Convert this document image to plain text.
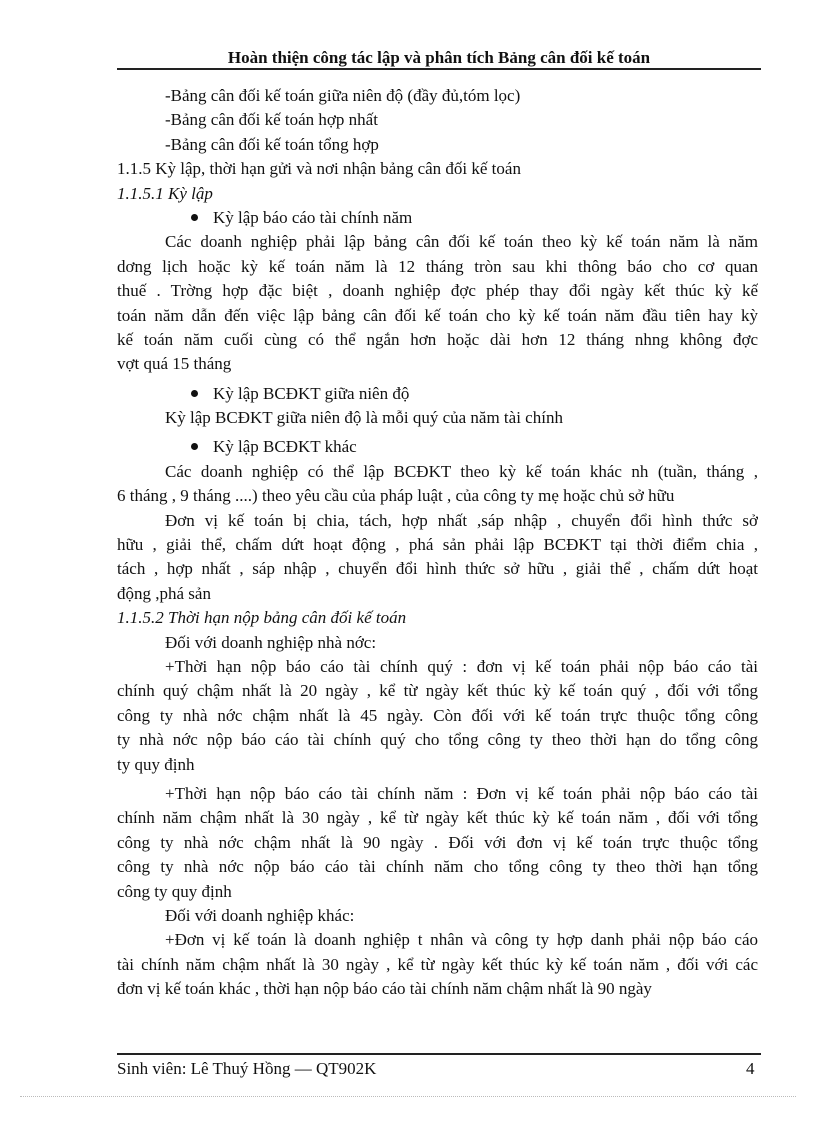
Hoàn thiện công tác lập và phân tích Bảng cân đối kế toán
-Bảng cân đối kế toán giữa niên độ (đầy đủ,tóm lọc)
-Bảng cân đối kế toán hợp nhất
-Bảng cân đối kế toán tổng hợp
1.1.5 Kỳ lập, thời hạn gửi và nơi nhận bảng cân đối kế toán
1.1.5.1 Kỳ lập
Kỳ lập báo cáo tài chính năm
Các doanh nghiệp phải lập bảng cân đối kế toán theo kỳ kế toán năm là năm
dơng lịch hoặc kỳ kế toán năm là 12 tháng tròn sau khi thông báo cho cơ quan
thuế . Trờng hợp đặc biệt , doanh nghiệp đợc phép thay đổi ngày kết thúc kỳ kế
toán năm dẫn đến việc lập bảng cân đối kế toán cho kỳ kế toán năm đầu tiên hay kỳ
kế toán năm cuối cùng có thể ngắn hơn hoặc dài hơn 12 tháng nhng không đợc
vợt quá 15 tháng
Kỳ lập BCĐKT giữa niên độ
Kỳ lập BCĐKT giữa niên độ là mỗi quý của năm tài chính
Kỳ lập BCĐKT khác
Các doanh nghiệp có thể lập BCĐKT theo kỳ kế toán khác nh (tuần, tháng ,
6 tháng , 9 tháng ....) theo yêu cầu của pháp luật , của công ty mẹ hoặc chủ sở hữu
Đơn vị kế toán bị chia, tách, hợp nhất ,sáp nhập , chuyển đổi hình thức sở
hữu , giải thể, chấm dứt hoạt động , phá sản phải lập BCĐKT tại thời điểm chia ,
tách , hợp nhất , sáp nhập , chuyển đổi hình thức sở hữu , giải thể , chấm dứt hoạt
động ,phá sản
1.1.5.2 Thời hạn nộp bảng cân đối kế toán
Đối với doanh nghiệp nhà nớc:
+Thời hạn nộp báo cáo tài chính quý : đơn vị kế toán phải nộp báo cáo tài
chính quý chậm nhất là 20 ngày , kể từ ngày kết thúc kỳ kế toán quý , đối với tổng
công ty nhà nớc chậm nhất là 45 ngày. Còn đối với kế toán trực thuộc tổng công
ty nhà nớc nộp báo cáo tài chính quý cho tổng công ty theo thời hạn do tổng công
ty quy định
+Thời hạn nộp báo cáo tài chính năm : Đơn vị kế toán phải nộp báo cáo tài
chính năm chậm nhất là 30 ngày , kể từ ngày kết thúc kỳ kế toán năm , đối với tổng
công ty nhà nớc chậm nhất là 90 ngày . Đối với đơn vị kế toán trực thuộc tổng
công ty nhà nớc nộp báo cáo tài chính năm cho tổng công ty theo thời hạn tổng
công ty quy định
Đối với doanh nghiệp khác:
+Đơn vị kế toán là doanh nghiệp t nhân và công ty hợp danh phải nộp báo cáo
tài chính năm chậm nhất là 30 ngày , kể từ ngày kết thúc kỳ kế toán năm , đối với các
đơn vị kế toán khác , thời hạn nộp báo cáo tài chính năm chậm nhất là 90 ngày
Sinh viên: Lê Thuý Hồng — QT902K	4
